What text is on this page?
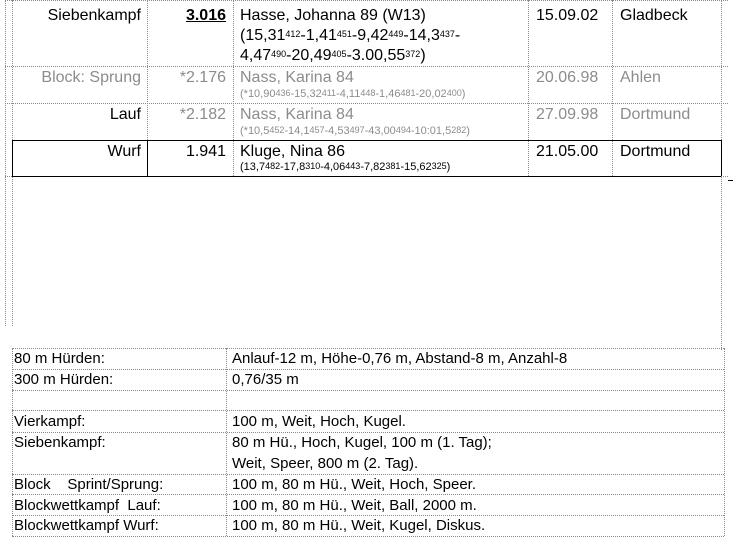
Siebenkampf	3.016 Hasse, Johanna 89 (W13)
(15,31$^{412}$-1,41$^{451}$-9,42$^{449}$-14,3$^{437}$-
4,47$^{490}$-20,49$^{405}$-3.00,55$^{372}$)
15.09.02 Gladbeck
Block: Sprung	*2.176 Nass, Karina 84
(*10,90$^{436}$-15,32$^{411}$-4,11$^{448}$-1,46$^{481}$-20,02$^{400}$)
20.06.98 Ahlen
Lauf	*2.182 Nass, Karina 84
(*10,5$^{452}$-14,1$^{457}$-4,53$^{497}$-43,00$^{494}$-10:01,5$^{282}$)
27.09.98 Dortmund
Wurf	1.941 Kluge, Nina 86
(13,7$^{482}$-17,8$^{310}$-4,06$^{443}$-7,82$^{381}$-15,62$^{325}$)
21.05.00 Dortmund
80 m Hürden:	Anlauf-12 m, Höhe-0,76 m, Abstand-8 m, Anzahl-8
300 m Hürden:	0,76/35 m
Vierkampf:	100 m, Weit, Hoch, Kugel.
Siebenkampf:	80 m Hü., Hoch, Kugel, 100 m (1. Tag);
Weit, Speer, 800 m (2. Tag).
Block    Sprint/Sprung:	100 m, 80 m Hü., Weit, Hoch, Speer.
Blockwettkampf  Lauf:	100 m, 80 m Hü., Weit, Ball, 2000 m.
Blockwettkampf Wurf:	100 m, 80 m Hü., Weit, Kugel, Diskus.
